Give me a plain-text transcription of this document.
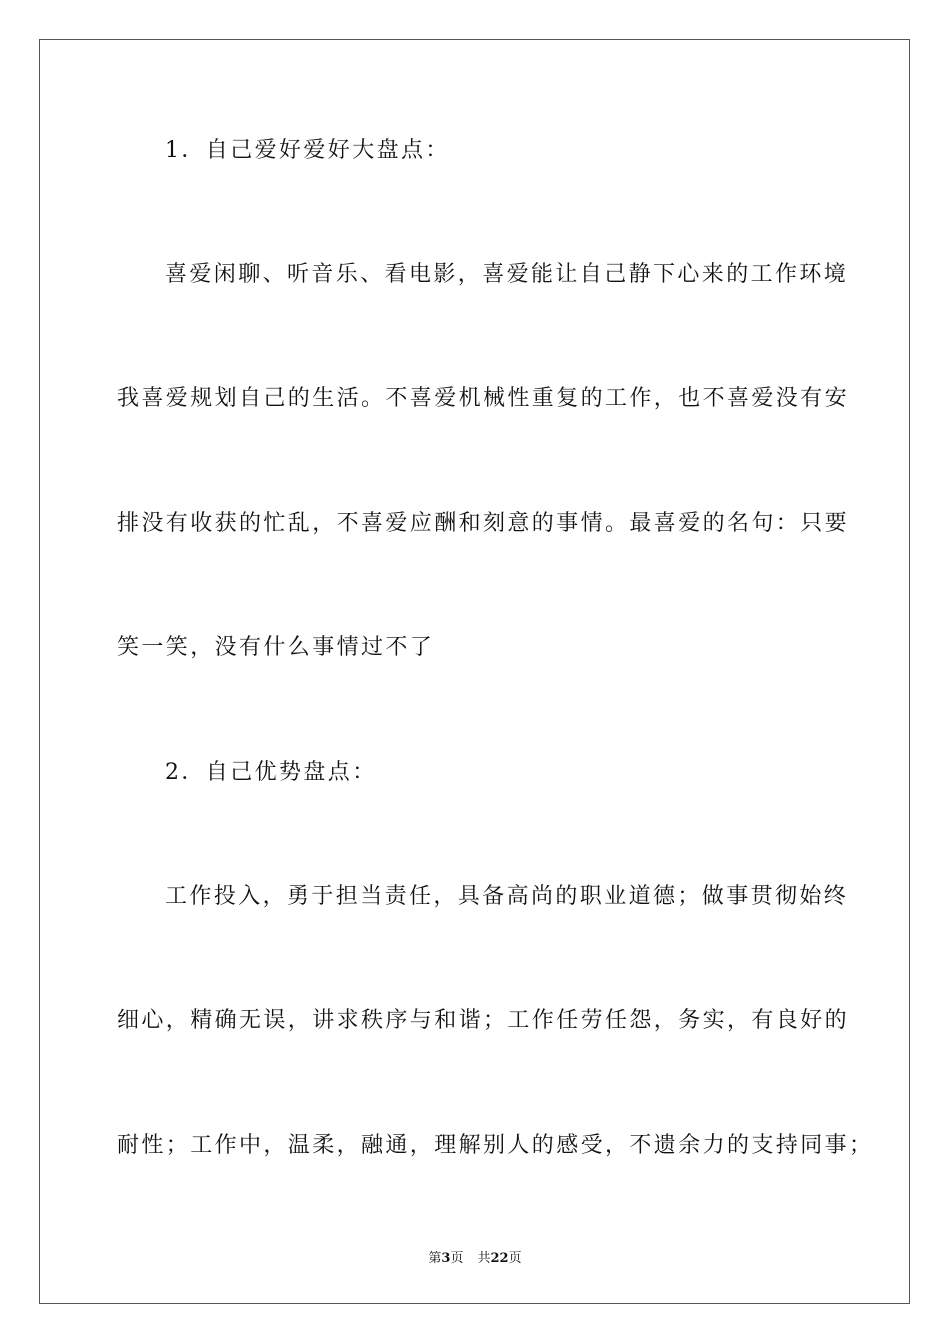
1．自己爱好爱好大盘点：
喜爱闲聊、听音乐、看电影，喜爱能让自己静下心来的工作环境
我喜爱规划自己的生活。不喜爱机械性重复的工作，也不喜爱没有安
排没有收获的忙乱，不喜爱应酬和刻意的事情。最喜爱的名句：只要
笑一笑，没有什么事情过不了
2．自己优势盘点：
工作投入，勇于担当责任，具备高尚的职业道德；做事贯彻始终
细心，精确无误，讲求秩序与和谐；工作任劳任怨，务实，有良好的
耐性；工作中，温柔，融通，理解别人的感受，不遗余力的支持同事；
第3页 共22页
